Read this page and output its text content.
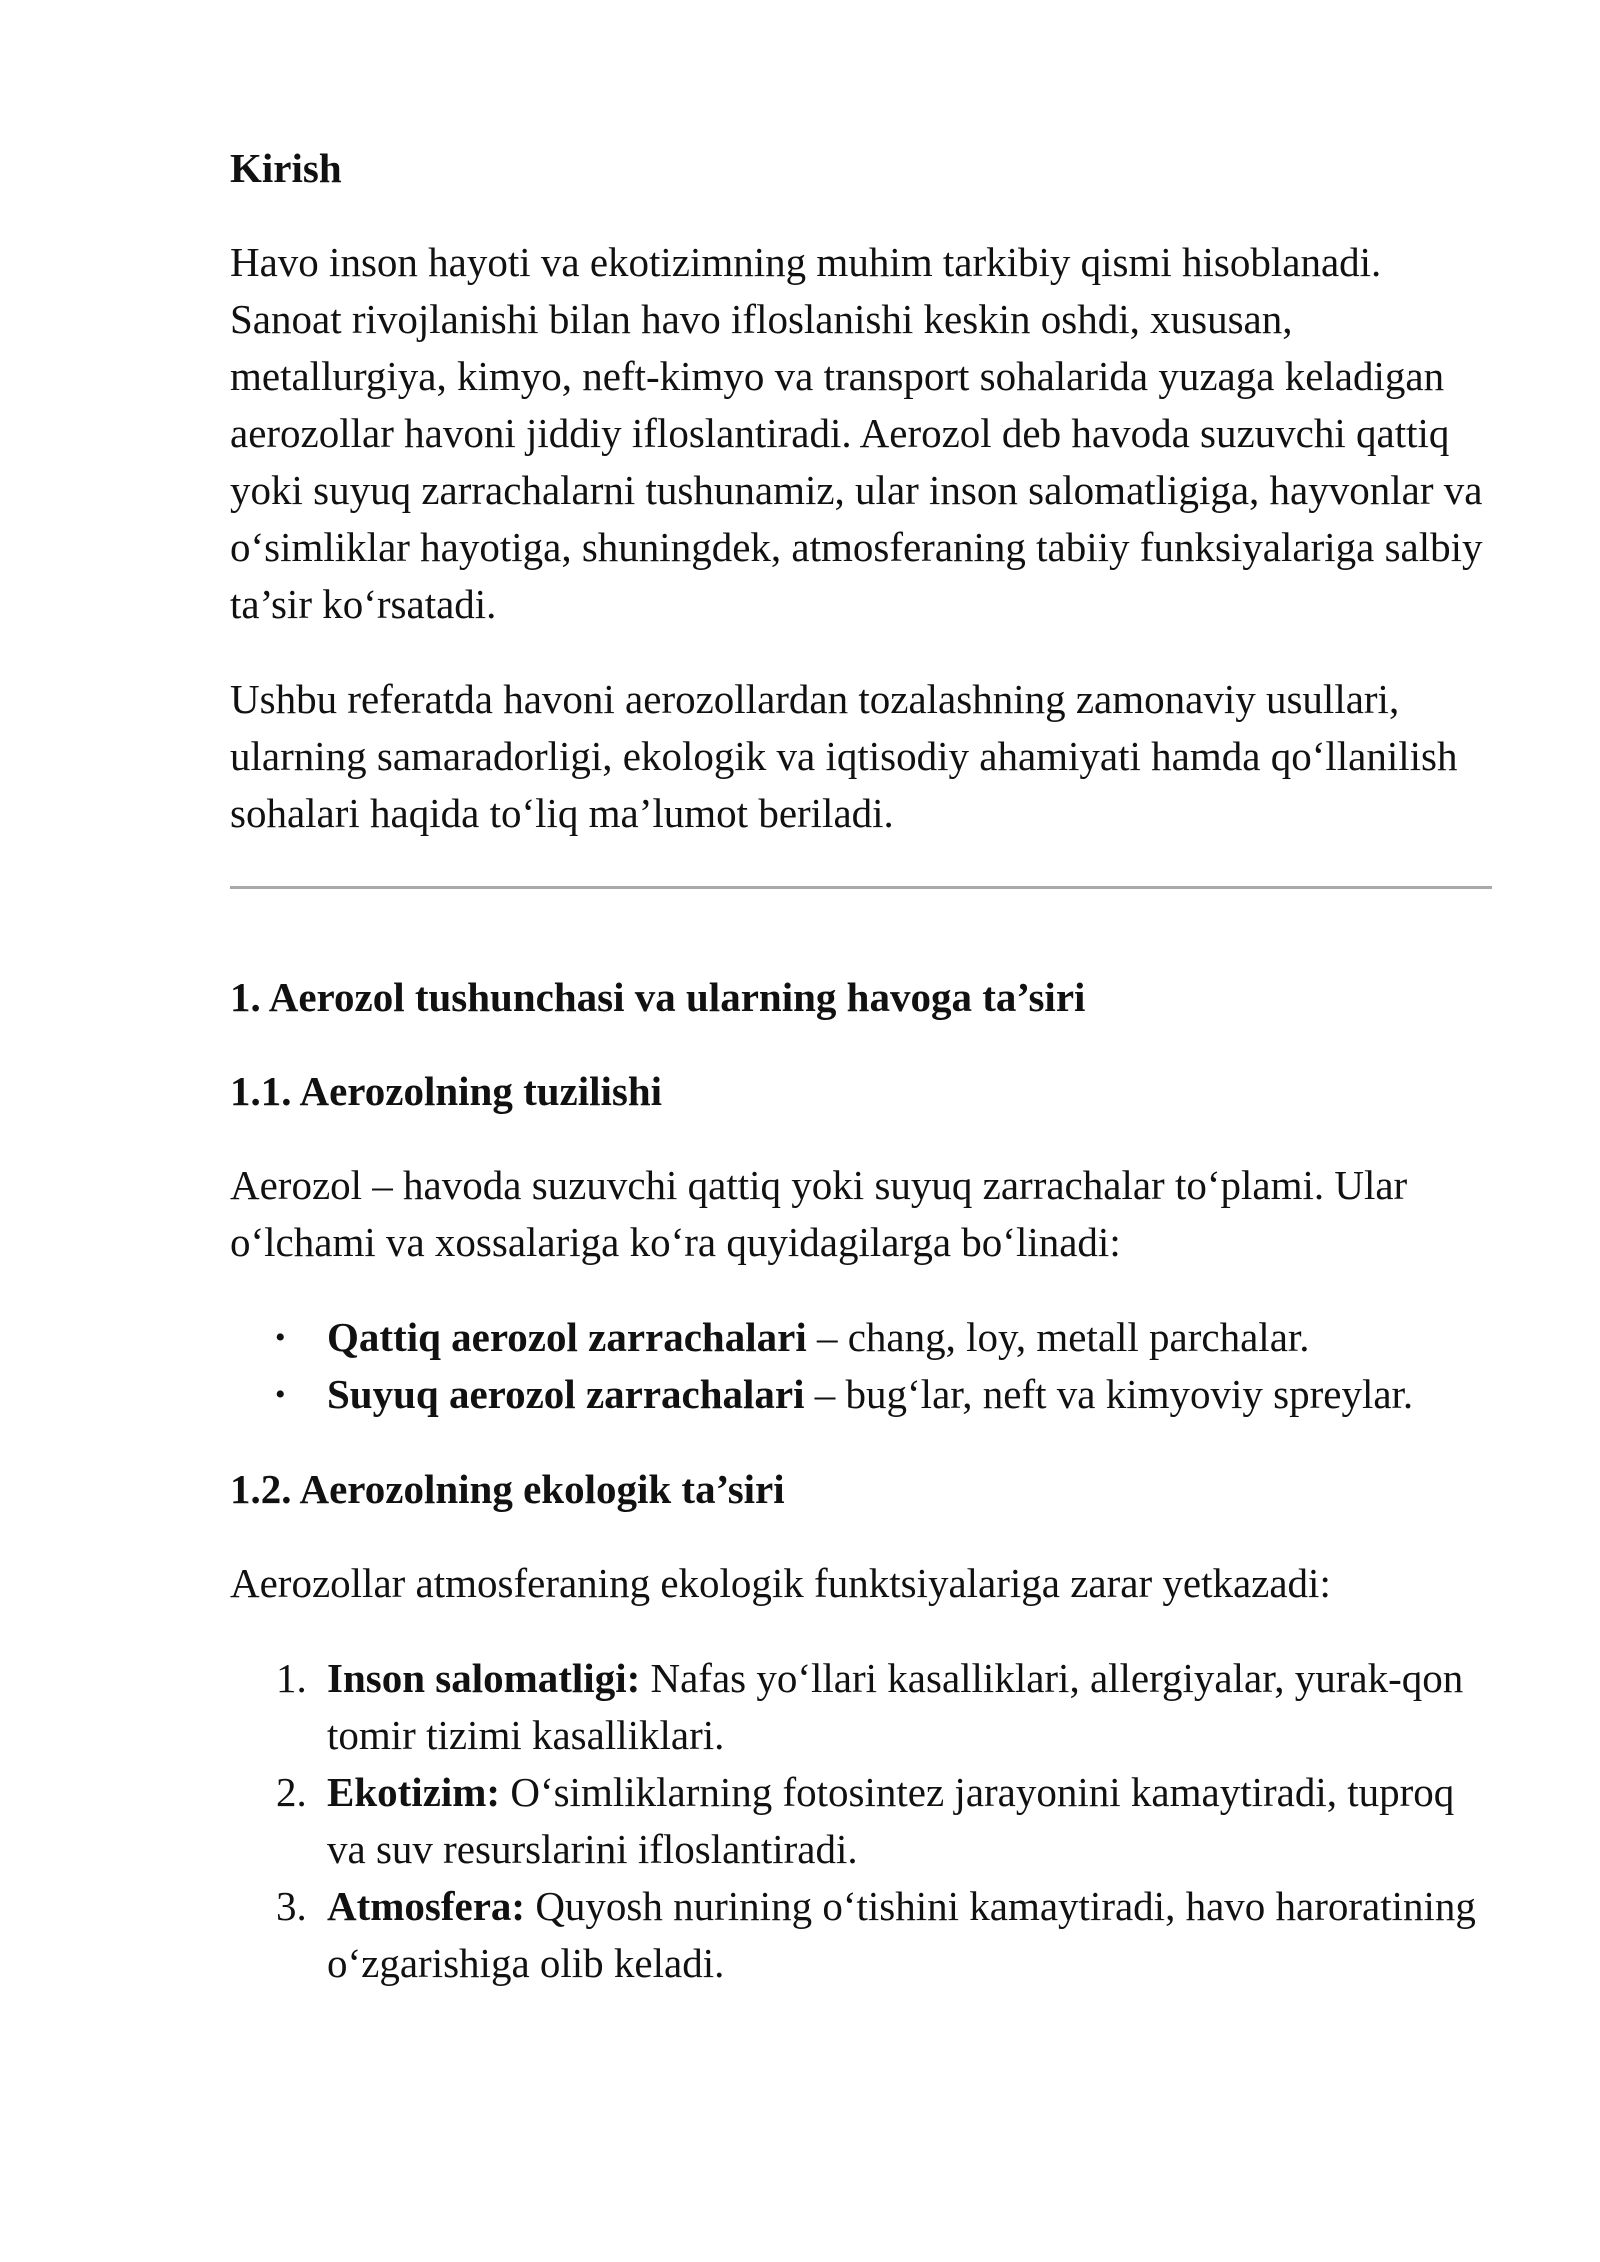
Kirish

Havo inson hayoti va ekotizimning muhim tarkibiy qismi hisoblanadi. Sanoat rivojlanishi bilan havo ifloslanishi keskin oshdi, xususan, metallurgiya, kimyo, neft-kimyo va transport sohalarida yuzaga keladigan aerozollar havoni jiddiy ifloslantiradi. Aerozol deb havoda suzuvchi qattiq yoki suyuq zarrachalarni tushunamiz, ular inson salomatligiga, hayvonlar va o‘simliklar hayotiga, shuningdek, atmosferaning tabiiy funksiyalariga salbiy ta’sir ko‘rsatadi.

Ushbu referatda havoni aerozollardan tozalashning zamonaviy usullari, ularning samaradorligi, ekologik va iqtisodiy ahamiyati hamda qo‘llanilish sohalari haqida to‘liq ma’lumot beriladi.

1. Aerozol tushunchasi va ularning havoga ta’siri
1.1. Aerozolning tuzilishi

Aerozol – havoda suzuvchi qattiq yoki suyuq zarrachalar to‘plami. Ular o‘lchami va xossalariga ko‘ra quyidagilarga bo‘linadi:

• Qattiq aerozol zarrachalari – chang, loy, metall parchalar.
• Suyuq aerozol zarrachalari – bug‘lar, neft va kimyoviy spreylar.
1.2. Aerozolning ekologik ta’siri

Aerozollar atmosferaning ekologik funktsiyalariga zarar yetkazadi:

1. Inson salomatligi: Nafas yo‘llari kasalliklari, allergiyalar, yurak-qon tomir tizimi kasalliklari.
2. Ekotizim: O‘simliklarning fotosintez jarayonini kamaytiradi, tuproq va suv resurslarini ifloslantiradi.
3. Atmosfera: Quyosh nurining o‘tishini kamaytiradi, havo haroratining o‘zgarishiga olib keladi.
